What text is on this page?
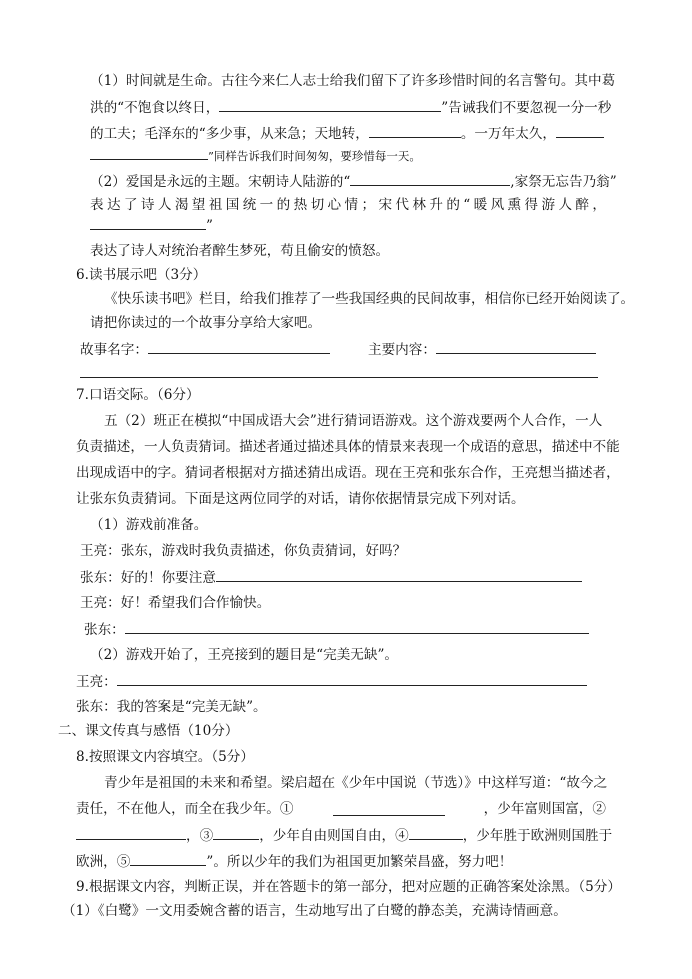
（1）时间就是生命。古往今来仁人志士给我们留下了许多珍惜时间的名言警句。其中葛
洪的“不饱食以终日，	”告诫我们不要忽视一分一秒
的工夫；毛泽东的“多少事，从来急；天地转，	。一万年太久，
”同样告诉我们时间匆匆，要珍惜每一天。
（2）爱国是永远的主题。宋朝诗人陆游的“	,家祭无忘告乃翁”
表达了诗人渴望祖国统一的热切心情；宋代林升的“暖风熏得游人醉，
”
表达了诗人对统治者醉生梦死，苟且偷安的愤怒。
6.读书展示吧（3分）
《快乐读书吧》栏目，给我们推荐了一些我国经典的民间故事，相信你已经开始阅读了。
请把你读过的一个故事分享给大家吧。
故事名字：	主要内容：
7.口语交际。（6分）
五（2）班正在模拟“中国成语大会”进行猜词语游戏。这个游戏要两个人合作，一人
负责描述，一人负责猜词。描述者通过描述具体的情景来表现一个成语的意思，描述中不能
出现成语中的字。猜词者根据对方描述猜出成语。现在王亮和张东合作，王亮想当描述者，
让张东负责猜词。下面是这两位同学的对话，请你依据情景完成下列对话。
（1）游戏前准备。
王亮：张东，游戏时我负责描述，你负责猜词，好吗？
张东：好的！你要注意
王亮：好！希望我们合作愉快。
张东：
（2）游戏开始了，王亮接到的题目是“完美无缺”。
王亮：
张东：我的答案是“完美无缺”。
二、课文传真与感悟（10分）
8.按照课文内容填空。（5分）
青少年是祖国的未来和希望。梁启超在《少年中国说（节选）》中这样写道：“故今之
责任，不在他人，而全在我少年。①	，少年富则国富，②
，③	，少年自由则国自由，④	，少年胜于欧洲则国胜于
欧洲，⑤	”。所以少年的我们为祖国更加繁荣昌盛，努力吧！
9.根据课文内容，判断正误，并在答题卡的第一部分，把对应题的正确答案处涂黑。（5分）
（1）《白鹭》一文用委婉含蓄的语言，生动地写出了白鹭的静态美，充满诗情画意。
